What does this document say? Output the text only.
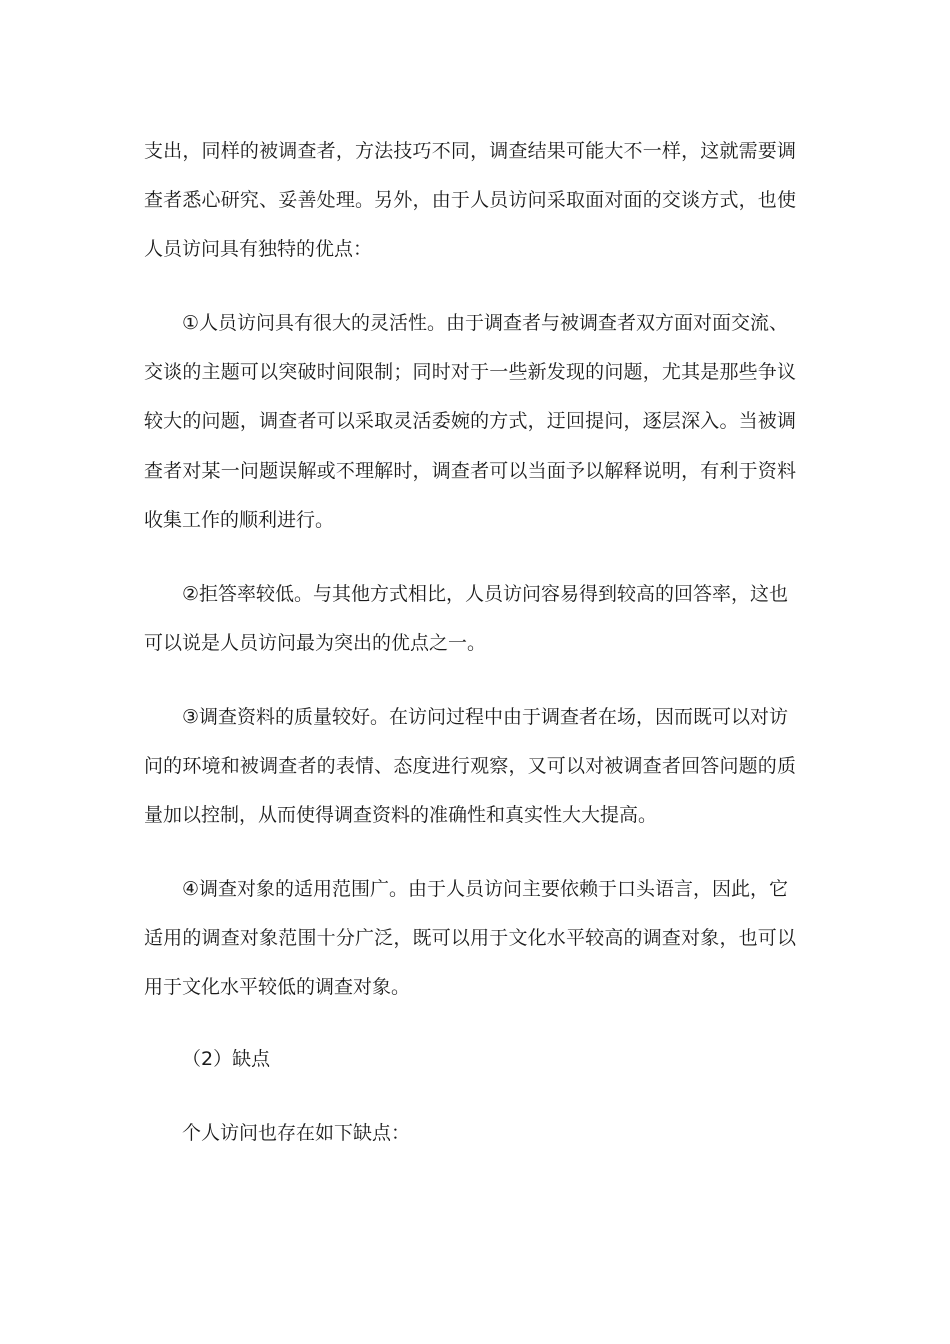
支出，同样的被调查者，方法技巧不同，调查结果可能大不一样，这就需要调
查者悉心研究、妥善处理。另外，由于人员访问采取面对面的交谈方式，也使
人员访问具有独特的优点：
①人员访问具有很大的灵活性。由于调查者与被调查者双方面对面交流、
交谈的主题可以突破时间限制；同时对于一些新发现的问题，尤其是那些争议
较大的问题，调查者可以采取灵活委婉的方式，迂回提问，逐层深入。当被调
查者对某一问题误解或不理解时，调查者可以当面予以解释说明，有利于资料
收集工作的顺利进行。
②拒答率较低。与其他方式相比，人员访问容易得到较高的回答率，这也
可以说是人员访问最为突出的优点之一。
③调查资料的质量较好。在访问过程中由于调查者在场，因而既可以对访
问的环境和被调查者的表情、态度进行观察，又可以对被调查者回答问题的质
量加以控制，从而使得调查资料的准确性和真实性大大提高。
④调查对象的适用范围广。由于人员访问主要依赖于口头语言，因此，它
适用的调查对象范围十分广泛，既可以用于文化水平较高的调查对象，也可以
用于文化水平较低的调查对象。
（2）缺点
个人访问也存在如下缺点：
